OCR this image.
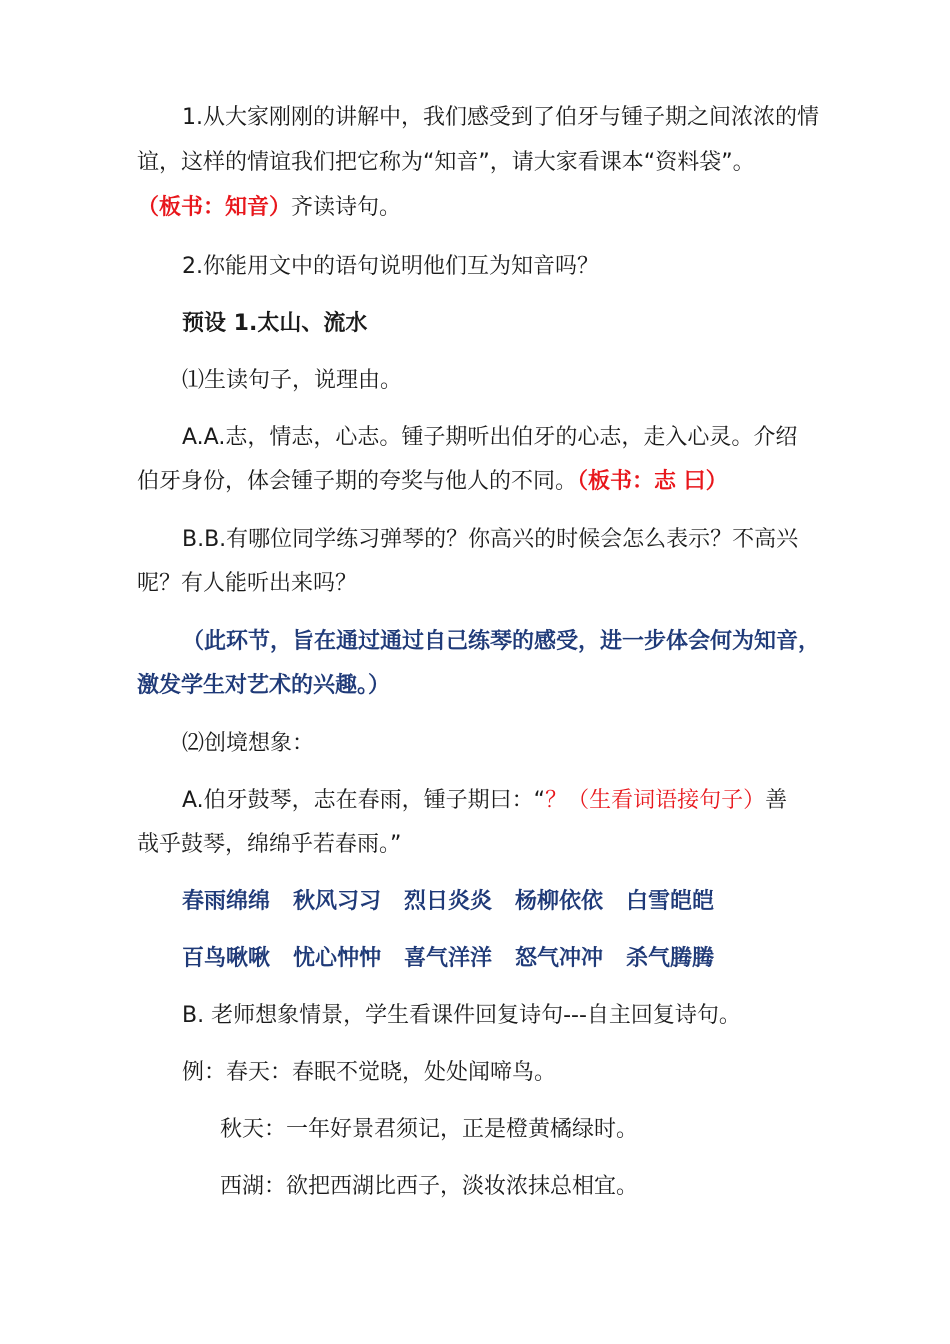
1.从大家刚刚的讲解中，我们感受到了伯牙与锺子期之间浓浓的情
谊，这样的情谊我们把它称为“知音”，请大家看课本“资料袋”。
（板书：知音）齐读诗句。
2.你能用文中的语句说明他们互为知音吗？
预设 1.太山、流水
⑴生读句子，说理由。
A.A.志，情志，心志。锺子期听出伯牙的心志，走入心灵。介绍
伯牙身份，体会锺子期的夸奖与他人的不同。（板书：志 曰）
B.B.有哪位同学练习弹琴的？你高兴的时候会怎么表示？不高兴
呢？有人能听出来吗？
（此环节，旨在通过通过自己练琴的感受，进一步体会何为知音，
激发学生对艺术的兴趣。）
⑵创境想象：
A.伯牙鼓琴，志在春雨，锺子期曰：“？（生看词语接句子）善
哉乎鼓琴，绵绵乎若春雨。”
春雨绵绵 秋风习习 烈日炎炎 杨柳依依 白雪皑皑
百鸟啾啾 忧心忡忡 喜气洋洋 怒气冲冲 杀气腾腾
B. 老师想象情景，学生看课件回复诗句---自主回复诗句。
例：春天：春眠不觉晓，处处闻啼鸟。
秋天：一年好景君须记，正是橙黄橘绿时。
西湖：欲把西湖比西子，淡妆浓抹总相宜。
